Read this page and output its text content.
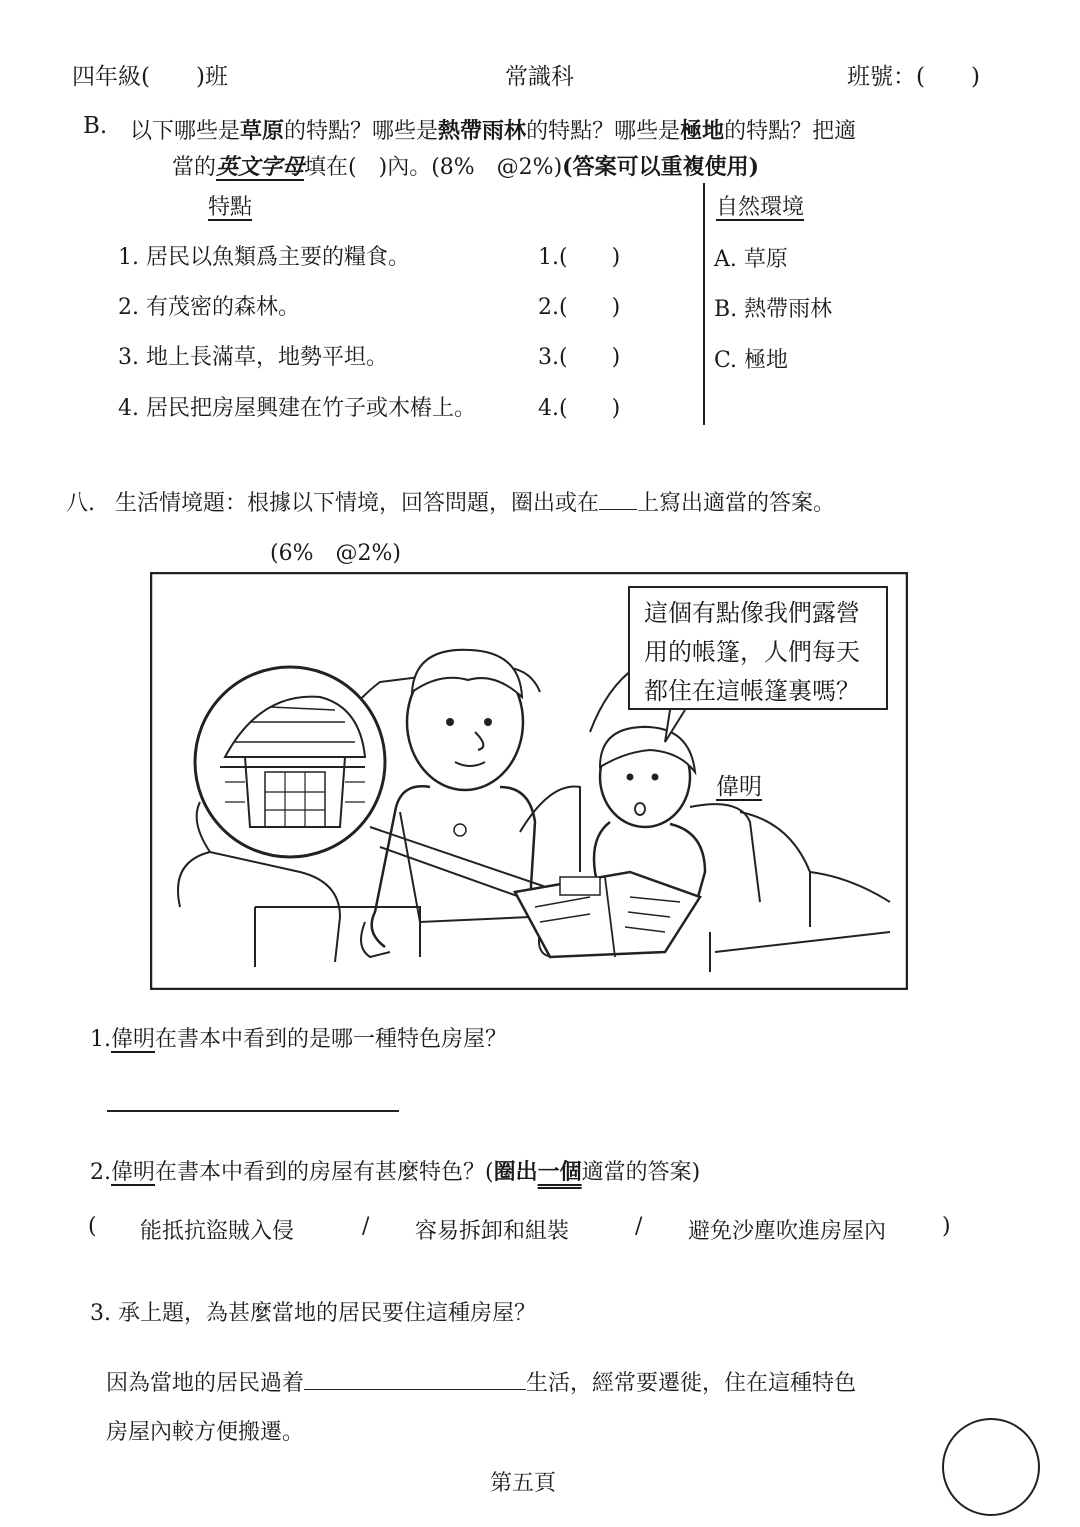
四年級(　　)班	常識科	班號：(　　)
B. 以下哪些是草原的特點？哪些是熱帶雨林的特點？哪些是極地的特點？把適
當的英文字母填在(　)內。(8%　@2%)(答案可以重複使用)
特點	自然環境
1. 居民以魚類爲主要的糧食。	1.(　　)
2. 有茂密的森林。	2.(　　)
3. 地上長滿草，地勢平坦。	3.(　　)
4. 居民把房屋興建在竹子或木樁上。	4.(　　)
A. 草原
B. 熱帶雨林
C. 極地
八. 生活情境題：根據以下情境，回答問題，圈出或在 上寫出適當的答案。
(6%　@2%)
這個有點像我們露營
用的帳篷，人們每天
都住在這帳篷裏嗎？
偉明
1.偉明在書本中看到的是哪一種特色房屋？
2.偉明在書本中看到的房屋有甚麼特色？(圈出一個適當的答案)
( 能抵抗盜賊入侵	/ 容易拆卸和組裝	/ 避免沙塵吹進房屋內	)
3. 承上題，為甚麼當地的居民要住這種房屋？
因為當地的居民過着	生活，經常要遷徙，住在這種特色
房屋內較方便搬遷。
第五頁
